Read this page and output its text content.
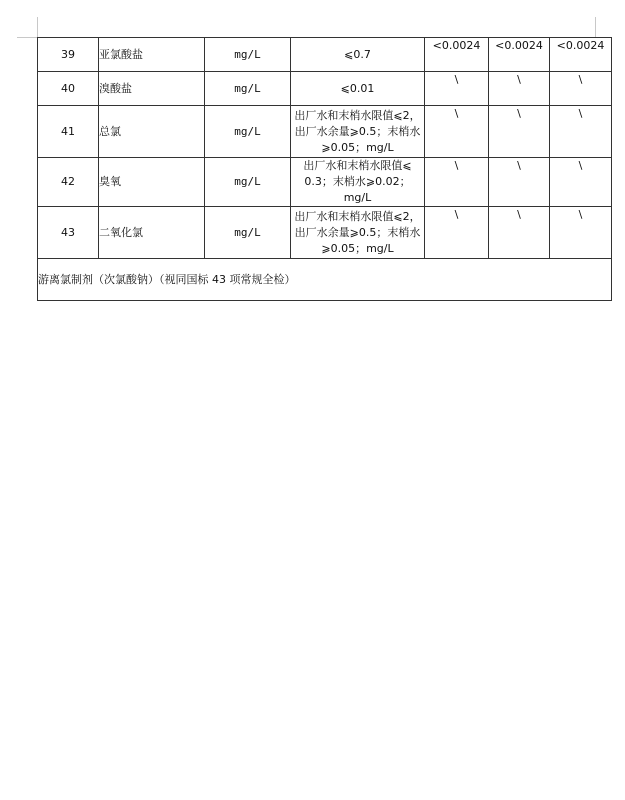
39	亚氯酸盐	mg/L	⩽0.7	<0.0024	<0.0024	<0.0024
40	溴酸盐	mg/L	⩽0.01	\	\	\
41	总氯	mg/L	出厂水和末梢水限值⩽2，
出厂水余量⩾0.5；末梢水
⩾0.05；mg/L	\	\	\
42	臭氧	mg/L	出厂水和末梢水限值⩽
0.3；末梢水⩾0.02；mg/L	\	\	\
43	二氧化氯	mg/L	出厂水和末梢水限值⩽2，
出厂水余量⩾0.5；末梢水
⩾0.05；mg/L	\	\	\
游离氯制剂（次氯酸钠）（视同国标 43 项常规全检）						
